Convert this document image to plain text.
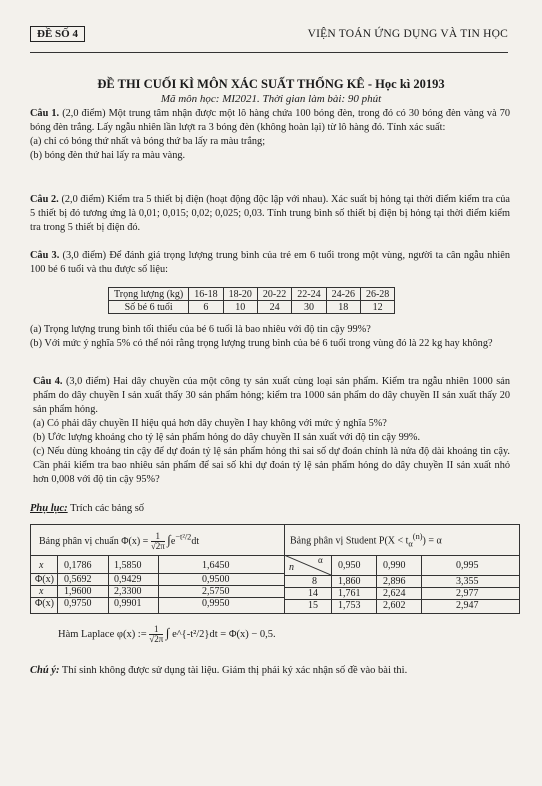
ĐỀ SỐ 4	VIỆN TOÁN ỨNG DỤNG VÀ TIN HỌC
ĐỀ THI CUỐI KÌ MÔN XÁC SUẤT THỐNG KÊ - Học kì 20193
Mã môn học: MI2021. Thời gian làm bài: 90 phút

Câu 1. (2,0 điểm) Một trung tâm nhận được một lô hàng chứa 100 bóng đèn, trong đó có 30 bóng đèn vàng và 70 bóng đèn trắng. Lấy ngẫu nhiên lần lượt ra 3 bóng đèn (không hoàn lại) từ lô hàng đó. Tính xác suất:

(a) chỉ có bóng thứ nhất và bóng thứ ba lấy ra màu trắng;

(b) bóng đèn thứ hai lấy ra màu vàng.

Câu 2. (2,0 điểm) Kiểm tra 5 thiết bị điện (hoạt động độc lập với nhau). Xác suất bị hỏng tại thời điểm kiểm tra của 5 thiết bị đó tương ứng là 0,01; 0,015; 0,02; 0,025; 0,03. Tính trung bình số thiết bị điện bị hỏng tại thời điểm kiểm tra trong 5 thiết bị điện đó.

Câu 3. (3,0 điểm) Để đánh giá trọng lượng trung bình của trẻ em 6 tuổi trong một vùng, người ta cân ngẫu nhiên 100 bé 6 tuổi và thu được số liệu:

Trọng lượng (kg)	16-18	18-20	20-22	22-24	24-26	26-28
Số bé 6 tuổi	6	10	24	30	18	12

(a) Trọng lượng trung bình tối thiểu của bé 6 tuổi là bao nhiêu với độ tin cậy 99%?

(b) Với mức ý nghĩa 5% có thể nói rằng trọng lượng trung bình của bé 6 tuổi trong vùng đó là 22 kg hay không?

Câu 4. (3,0 điểm) Hai dây chuyền của một công ty sản xuất cùng loại sản phẩm. Kiểm tra ngẫu nhiên 1000 sản phẩm do dây chuyền I sản xuất thấy 30 sản phẩm hỏng; kiểm tra 1000 sản phẩm do dây chuyền II sản xuất thấy 20 sản phẩm hỏng.

(a) Có phải dây chuyền II hiệu quả hơn dây chuyền I hay không với mức ý nghĩa 5%?

(b) Ước lượng khoảng cho tỷ lệ sản phẩm hỏng do dây chuyền II sản xuất với độ tin cậy 99%.

(c) Nếu dùng khoảng tin cậy để dự đoán tỷ lệ sản phẩm hỏng thì sai số dự đoán chính là nửa độ dài khoảng tin cậy. Cần phải kiểm tra bao nhiêu sản phẩm để sai số khi dự đoán tỷ lệ sản phẩm hỏng do dây chuyền II sản xuất nhỏ hơn 0,008 với độ tin cậy 95%?

Phụ lục: Trích các bảng số
Bảng phân vị chuẩn $\Phi(x) = \frac{1}{√2\pi} \int e^{-t^2/2}dt$	Bảng phân vị Student $P(X < t_\alpha^{(n)}) = \alpha$
x 0,1786 1,5850	1,6450
Φ(x) 0,5692 0,9429	0,9500
x 1,9600 2,3300	2,5750
Φ(x) 0,9750 0,9901	0,9950
n
α 0,950 0,990	0,995
8 1,860 2,896	3,355
14 1,761 2,624	2,977
15 1,753 2,602	2,947
Hàm Laplace φ(x) := $\frac{1}{√2\pi}$ ∫ e^{-t²/2}dt = Φ(x) − 0,5.
Chú ý: Thí sinh không được sử dụng tài liệu. Giám thị phải ký xác nhận số đề vào bài thi.
